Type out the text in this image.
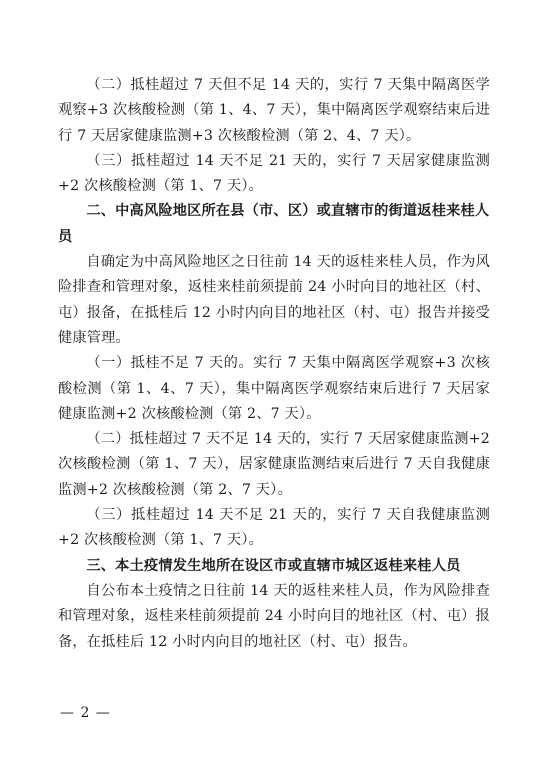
（二）抵桂超过 7 天但不足 14 天的，实行 7 天集中隔离医学观察+3 次核酸检测（第 1、4、7 天），集中隔离医学观察结束后进行 7 天居家健康监测+3 次核酸检测（第 2、4、7 天）。

（三）抵桂超过 14 天不足 21 天的，实行 7 天居家健康监测+2 次核酸检测（第 1、7 天）。

二、中高风险地区所在县（市、区）或直辖市的街道返桂来桂人员

自确定为中高风险地区之日往前 14 天的返桂来桂人员，作为风险排查和管理对象，返桂来桂前须提前 24 小时向目的地社区（村、屯）报备，在抵桂后 12 小时内向目的地社区（村、屯）报告并接受健康管理。

（一）抵桂不足 7 天的。实行 7 天集中隔离医学观察+3 次核酸检测（第 1、4、7 天），集中隔离医学观察结束后进行 7 天居家健康监测+2 次核酸检测（第 2、7 天）。

（二）抵桂超过 7 天不足 14 天的，实行 7 天居家健康监测+2 次核酸检测（第 1、7 天），居家健康监测结束后进行 7 天自我健康监测+2 次核酸检测（第 2、7 天）。

（三）抵桂超过 14 天不足 21 天的，实行 7 天自我健康监测+2 次核酸检测（第 1、7 天）。

三、本土疫情发生地所在设区市或直辖市城区返桂来桂人员

自公布本土疫情之日往前 14 天的返桂来桂人员，作为风险排查和管理对象，返桂来桂前须提前 24 小时向目的地社区（村、屯）报备，在抵桂后 12 小时内向目的地社区（村、屯）报告。

— 2 —
